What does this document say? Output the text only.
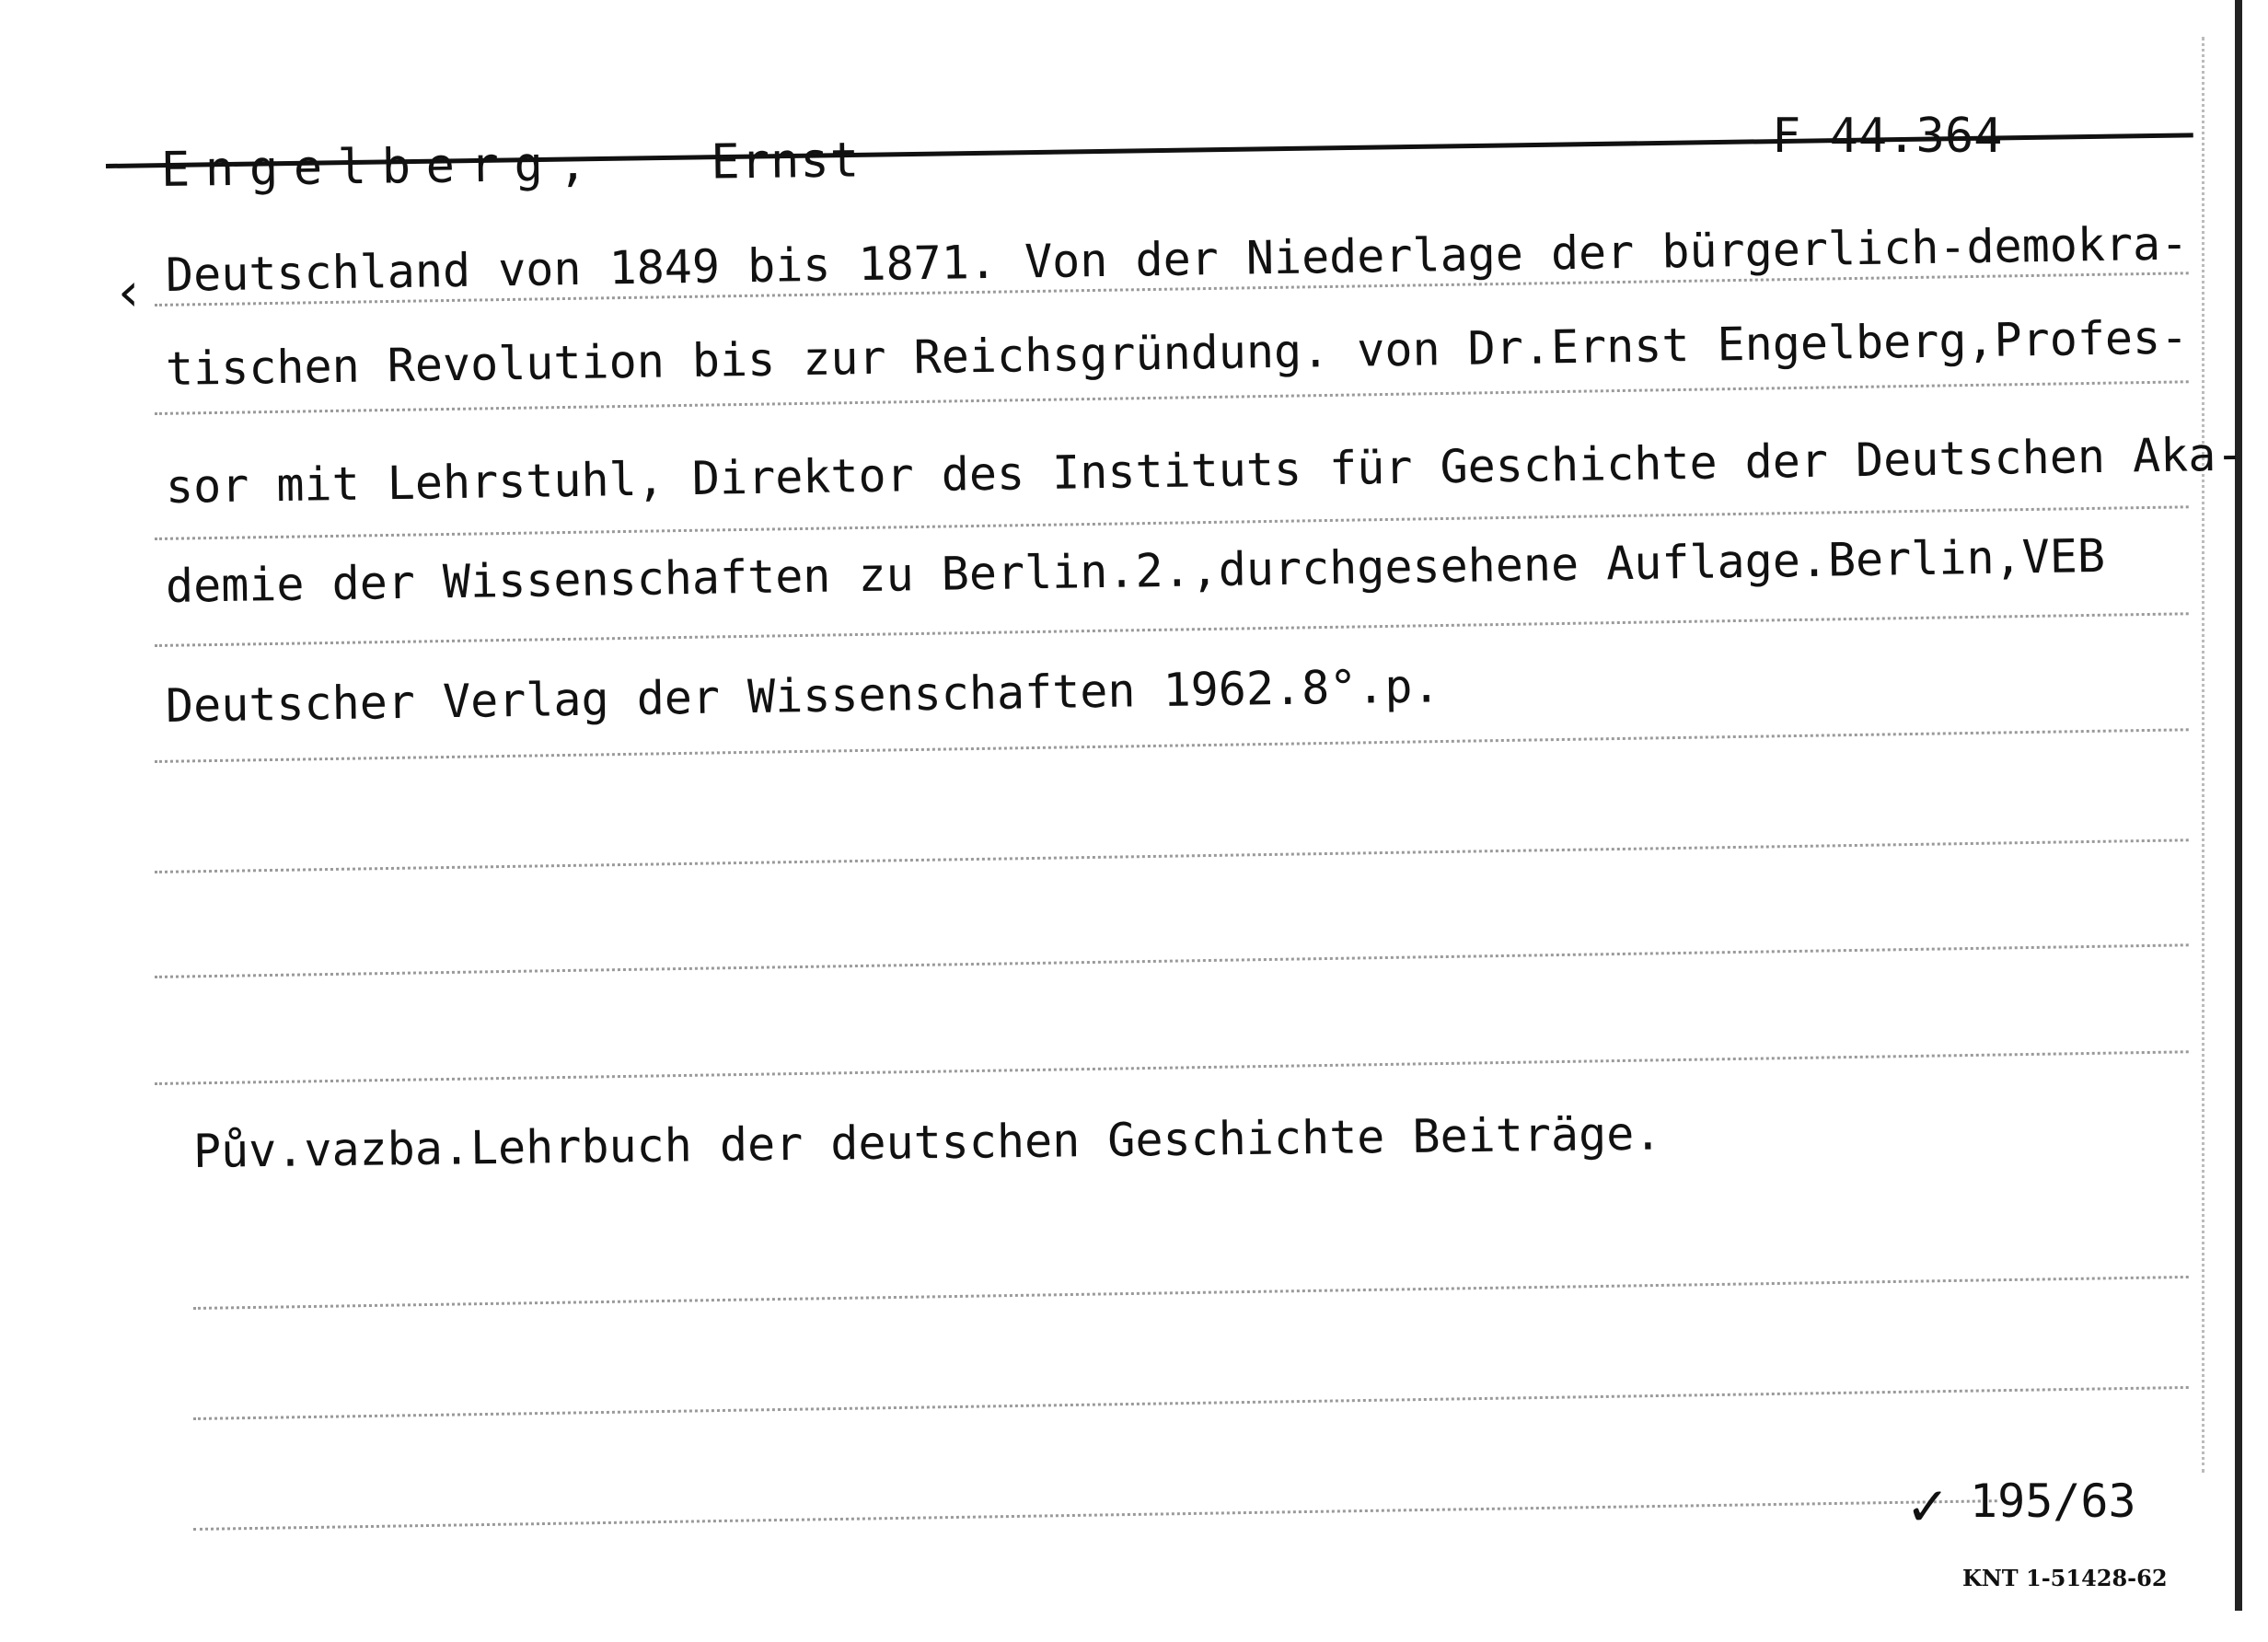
Engelberg, Ernst	F 44.364
‹ Deutschland von 1849 bis 1871. Von der Niederlage der bürgerlich-demokra-
tischen Revolution bis zur Reichsgründung. von Dr.Ernst Engelberg,Profes-
sor mit Lehrstuhl, Direktor des Instituts für Geschichte der Deutschen Aka-
demie der Wissenschaften zu Berlin.2.,durchgesehene Auflage.Berlin,VEB
Deutscher Verlag der Wissenschaften 1962.8°.p.
Pův.vazba.Lehrbuch der deutschen Geschichte Beiträge.
✓ 195/63
KNT 1-51428-62
